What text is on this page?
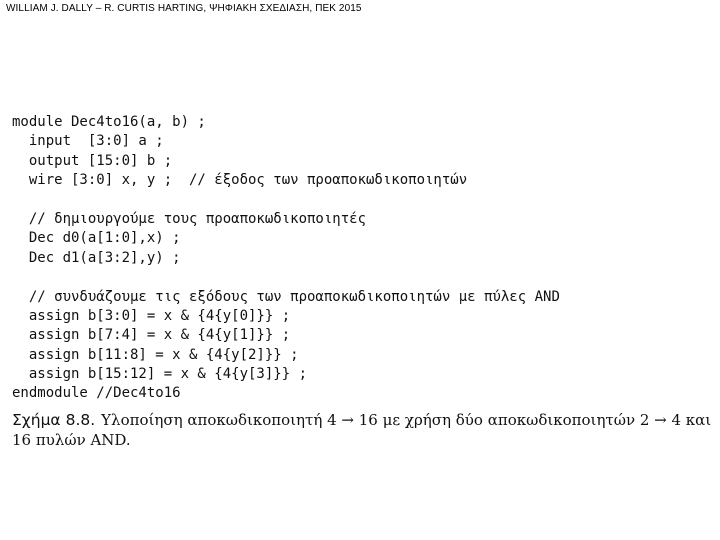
WILLIAM J. DALLY – R. CURTIS HARTING, ΨΗΦΙΑΚΗ ΣΧΕΔΙΑΣΗ, ΠΕΚ 2015
module Dec4to16(a, b) ;
input  [3:0] a ;
output [15:0] b ;
wire [3:0] x, y ;  // έξοδος των προαποκωδικοποιητών
// δημιουργούμε τους προαποκωδικοποιητές
Dec d0(a[1:0],x) ;
Dec d1(a[3:2],y) ;
// συνδυάζουμε τις εξόδους των προαποκωδικοποιητών με πύλες AND
assign b[3:0] = x & {4{y[0]}} ;
assign b[7:4] = x & {4{y[1]}} ;
assign b[11:8] = x & {4{y[2]}} ;
assign b[15:12] = x & {4{y[3]}} ;
endmodule //Dec4to16
Σχήμα 8.8. Υλοποίηση αποκωδικοποιητή 4 → 16 με χρήση δύο αποκωδικοποιητών 2 → 4 και 16 πυλών AND.
